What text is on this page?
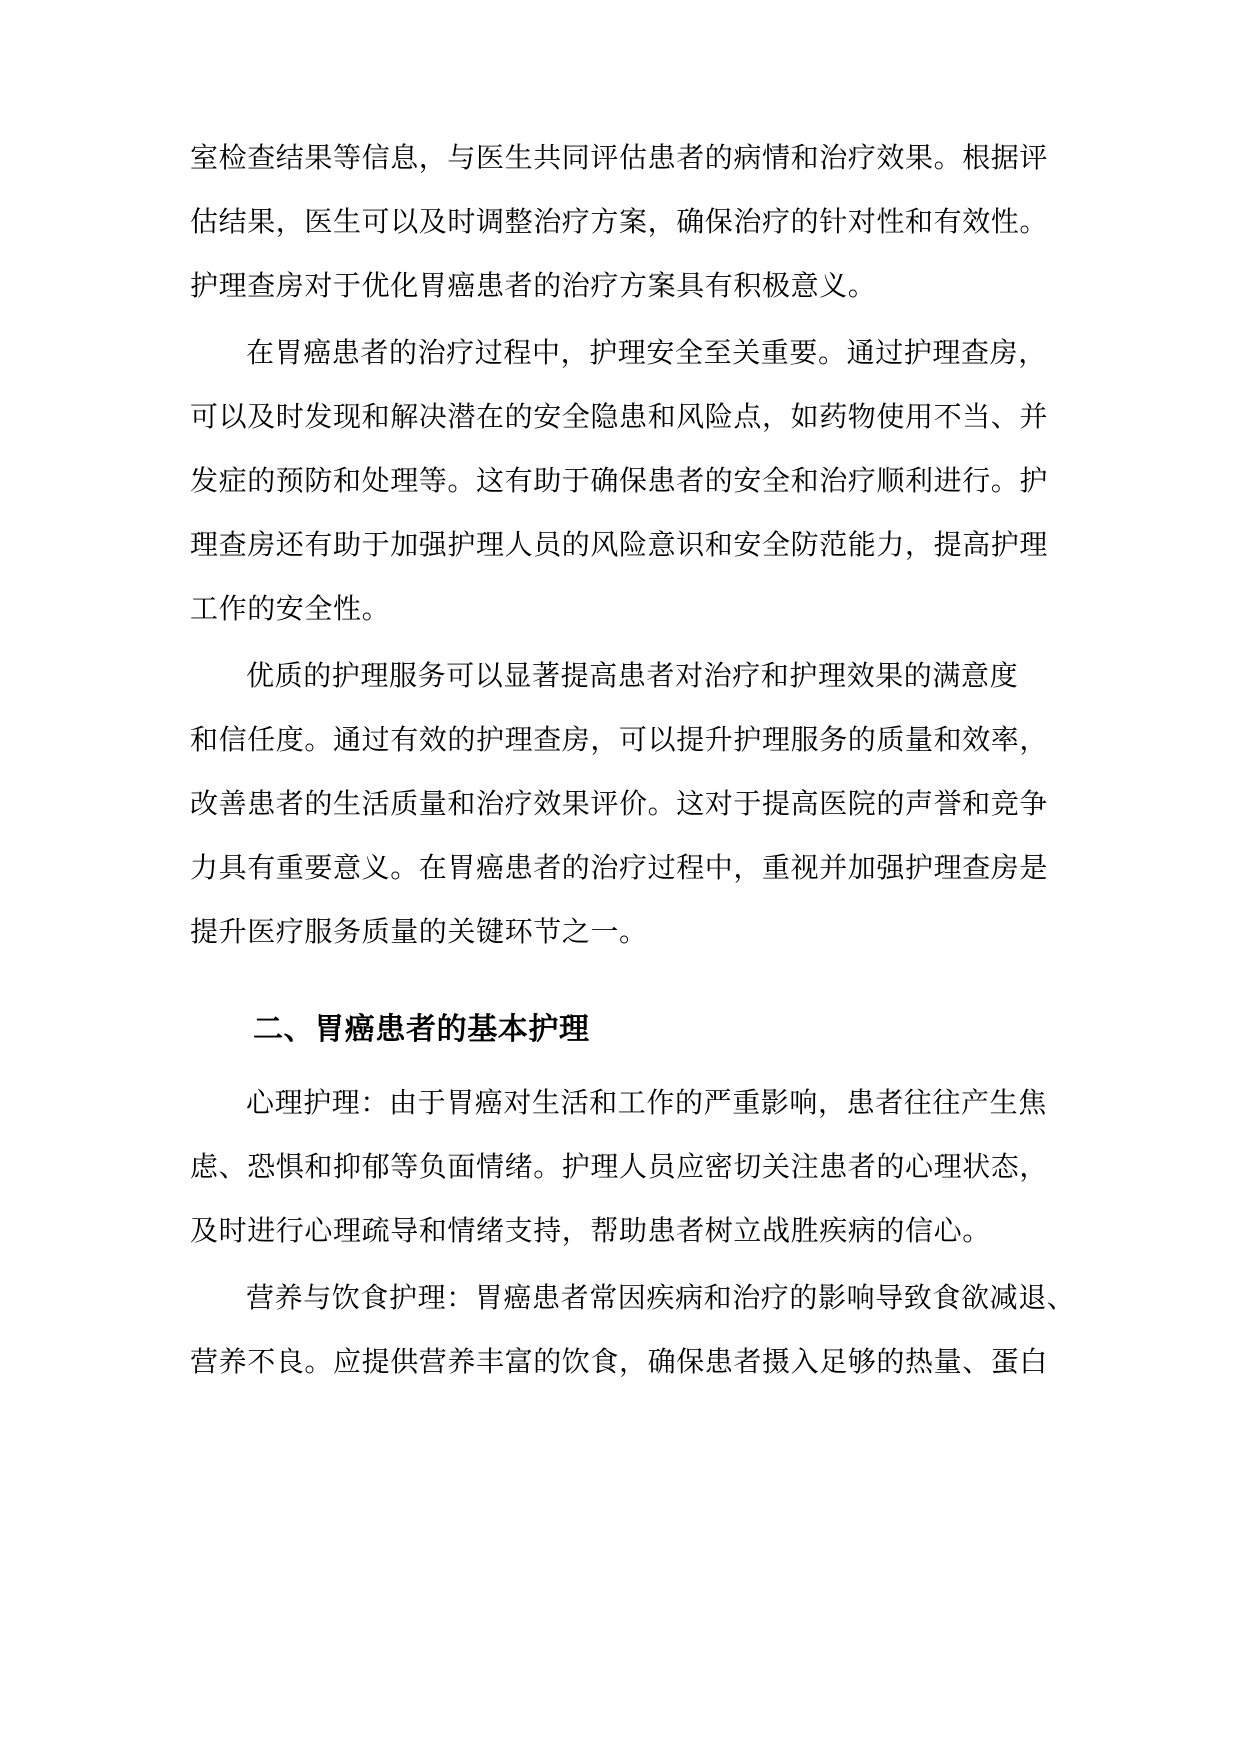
室检查结果等信息，与医生共同评估患者的病情和治疗效果。根据评
估结果，医生可以及时调整治疗方案，确保治疗的针对性和有效性。
护理查房对于优化胃癌患者的治疗方案具有积极意义。
在胃癌患者的治疗过程中，护理安全至关重要。通过护理查房，
可以及时发现和解决潜在的安全隐患和风险点，如药物使用不当、并
发症的预防和处理等。这有助于确保患者的安全和治疗顺利进行。护
理查房还有助于加强护理人员的风险意识和安全防范能力，提高护理
工作的安全性。
优质的护理服务可以显著提高患者对治疗和护理效果的满意度
和信任度。通过有效的护理查房，可以提升护理服务的质量和效率，
改善患者的生活质量和治疗效果评价。这对于提高医院的声誉和竞争
力具有重要意义。在胃癌患者的治疗过程中，重视并加强护理查房是
提升医疗服务质量的关键环节之一。
二、胃癌患者的基本护理
心理护理：由于胃癌对生活和工作的严重影响，患者往往产生焦
虑、恐惧和抑郁等负面情绪。护理人员应密切关注患者的心理状态，
及时进行心理疏导和情绪支持，帮助患者树立战胜疾病的信心。
营养与饮食护理：胃癌患者常因疾病和治疗的影响导致食欲减退、
营养不良。应提供营养丰富的饮食，确保患者摄入足够的热量、蛋白
